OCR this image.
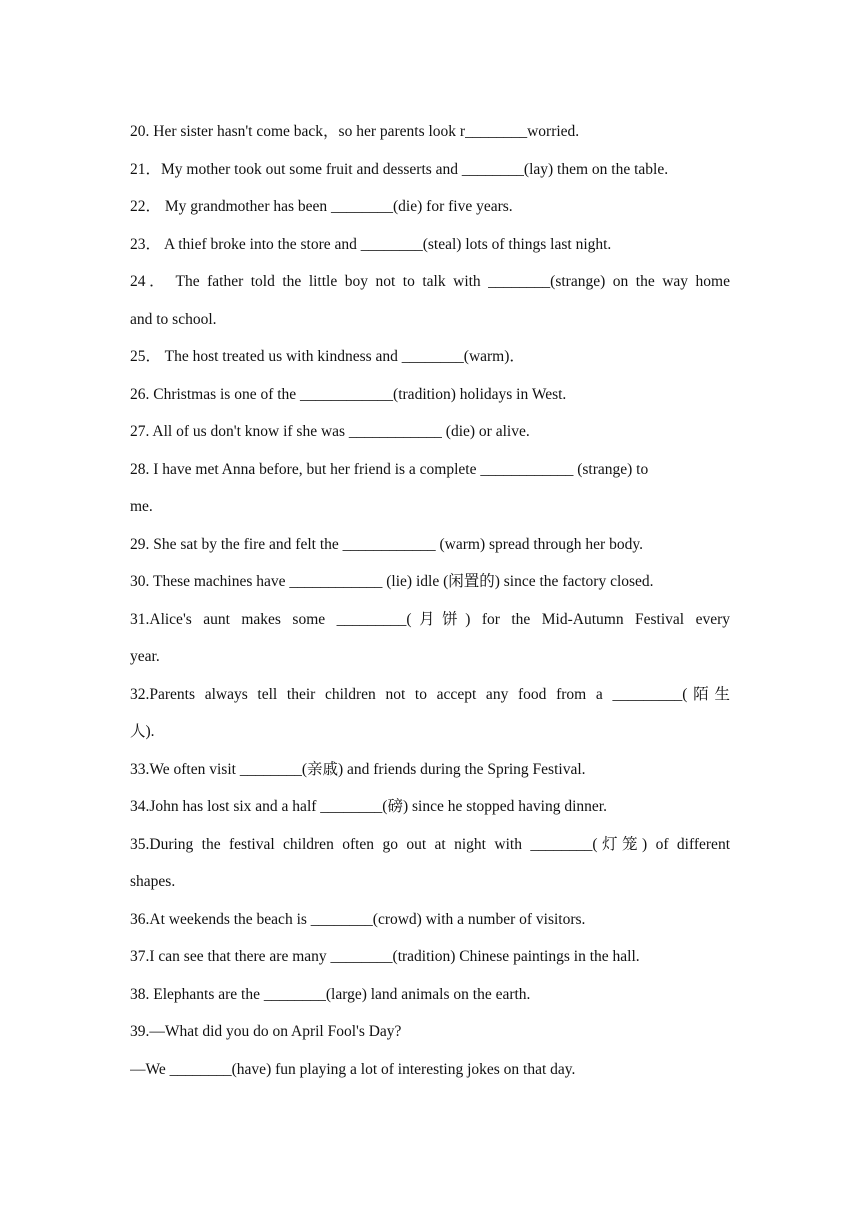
20. Her sister hasn't come back，so her parents look r________worried.
21．My mother took out some fruit and desserts and ________(lay) them on the table.
22． My grandmother has been ________(die) for five years.
23． A thief broke into the store and ________(steal) lots of things last night.
24． The father told the little boy not to talk with ________(strange) on the way home
and to school.
25． The host treated us with kindness and ________(warm)．
26. Christmas is one of the ____________(tradition) holidays in West.
27. All of us don't know if she was ____________ (die) or alive.
28. I have met Anna before, but her friend is a complete ____________ (strange) to
me.
29. She sat by the fire and felt the ____________ (warm) spread through her body.
30. These machines have ____________ (lie) idle (闲置的) since the factory closed.
31.Alice's aunt makes some _________(月饼) for the Mid-Autumn Festival every
year.
32.Parents always tell their children not to accept any food from a _________(陌生
人).
33.We often visit ________(亲戚) and friends during the Spring Festival.
34.John has lost six and a half ________(磅) since he stopped having dinner.
35.During the festival children often go out at night with ________(灯笼) of different
shapes.
36.At weekends the beach is ________(crowd) with a number of visitors.
37.I can see that there are many ________(tradition) Chinese paintings in the hall.
38. Elephants are the ________(large) land animals on the earth.
39.—What did you do on April Fool's Day?
—We ________(have) fun playing a lot of interesting jokes on that day.
